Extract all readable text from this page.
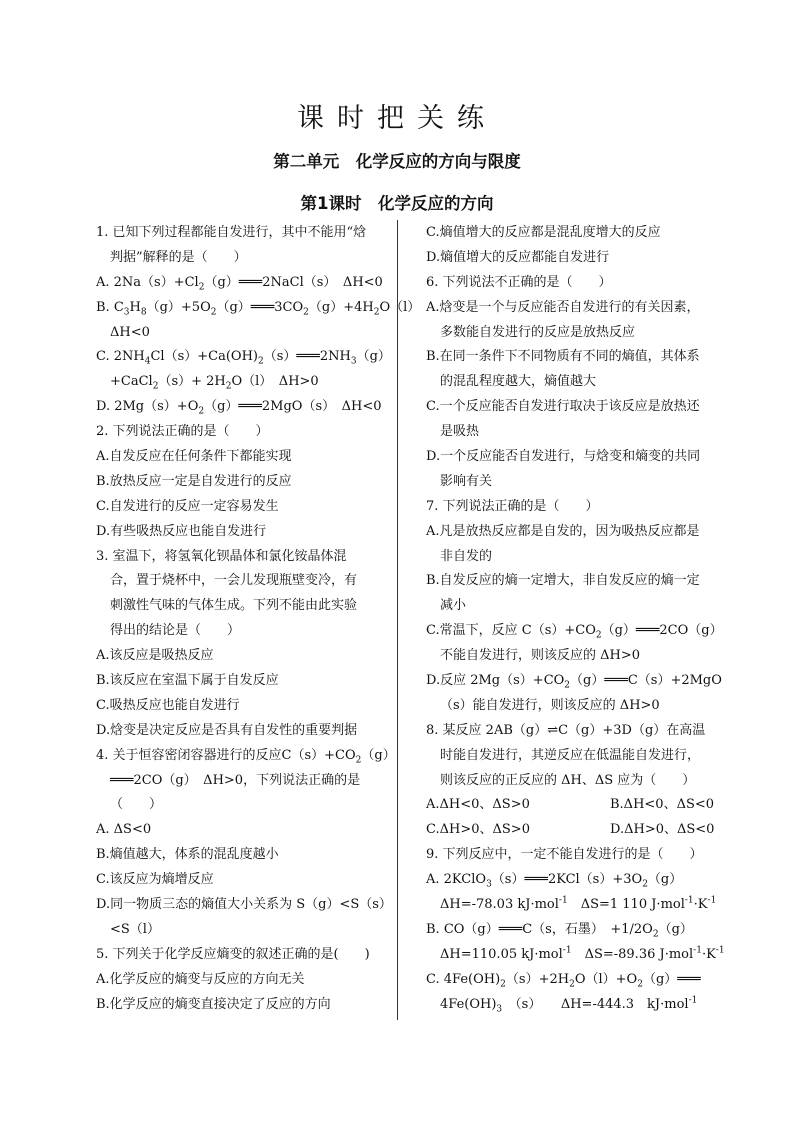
课时把关练
第二单元　化学反应的方向与限度
第1课时　化学反应的方向
1. 已知下列过程都能自发进行，其中不能用“焓
判据”解释的是（　　）
A. $2Na(s)+Cl_2(g)═══2NaCl(s)$　ΔH<0
B. $C_3H_8(g)+5O_2(g)═══3CO_2(g)+4H_2O(l)$
ΔH<0
C. $2NH_4Cl(s)+Ca(OH)_2(s)═══2NH_3(g)$
+CaCl$_2$（s）+ $2H_2O(l)$　ΔH>0
D. $2Mg(s)+O_2(g)═══2MgO(s)$　ΔH<0
2. 下列说法正确的是（　　）
A.自发反应在任何条件下都能实现
B.放热反应一定是自发进行的反应
C.自发进行的反应一定容易发生
D.有些吸热反应也能自发进行
3. 室温下，将氢氧化钡晶体和氯化铵晶体混
合，置于烧杯中，一会儿发现瓶壁变冷，有
刺激性气味的气体生成。下列不能由此实验
得出的结论是（　　）
A.该反应是吸热反应
B.该反应在室温下属于自发反应
C.吸热反应也能自发进行
D.焓变是决定反应是否具有自发性的重要判据
4. 关于恒容密闭容器进行的反应$C(s)+CO_2(g)$
═══2CO（g）　ΔH>0，下列说法正确的是
（　　）
A. ΔS<0
B.熵值越大，体系的混乱度越小
C.该反应为熵增反应
D.同一物质三态的熵值大小关系为 S（g）<S（s）
<S（l）
5. 下列关于化学反应熵变的叙述正确的是(　　)
A.化学反应的熵变与反应的方向无关
B.化学反应的熵变直接决定了反应的方向
C.熵值增大的反应都是混乱度增大的反应
D.熵值增大的反应都能自发进行
6. 下列说法不正确的是（　　）
A.焓变是一个与反应能否自发进行的有关因素，
多数能自发进行的反应是放热反应
B.在同一条件下不同物质有不同的熵值，其体系
的混乱程度越大，熵值越大
C.一个反应能否自发进行取决于该反应是放热还
是吸热
D.一个反应能否自发进行，与焓变和熵变的共同
影响有关
7. 下列说法正确的是（　　）
A.凡是放热反应都是自发的，因为吸热反应都是
非自发的
B.自发反应的熵一定增大，非自发反应的熵一定
减小
C.常温下，反应 $C(s)+CO_2(g)═══2CO(g)$
不能自发进行，则该反应的 ΔH>0
D.反应 $2Mg(s)+CO_2(g)═══C(s)+2MgO$
（s）能自发进行，则该反应的 ΔH>0
8. 某反应 2AB（g）⇌C（g）+3D（g）在高温
时能自发进行，其逆反应在低温能自发进行，
则该反应的正反应的 ΔH、ΔS 应为（　　）
A.ΔH<0、ΔS>0	B.ΔH<0、ΔS<0
C.ΔH>0、ΔS>0	D.ΔH>0、ΔS<0
9. 下列反应中，一定不能自发进行的是（　　）
A. $2KClO_3(s)═══2KCl(s)+3O_2(g)$
ΔH=-78.03 kJ·mol$^{-1}$　ΔS=1 110 $J\cdot mol^{-1}\cdot K^{-1}$
B. CO（g）═══C（s，石墨）　$+1/2O_2(g)$
ΔH=110.05 kJ·mol$^{-1}$　ΔS=-89.36 $J\cdot mol^{-1}\cdot K^{-1}$
C. $4Fe(OH)_2(s)+2H_2O(l)+O_2(g)═══$
$4Fe(OH)_3$　（s）　　ΔH=-444.3　kJ·mol$^{-1}$
